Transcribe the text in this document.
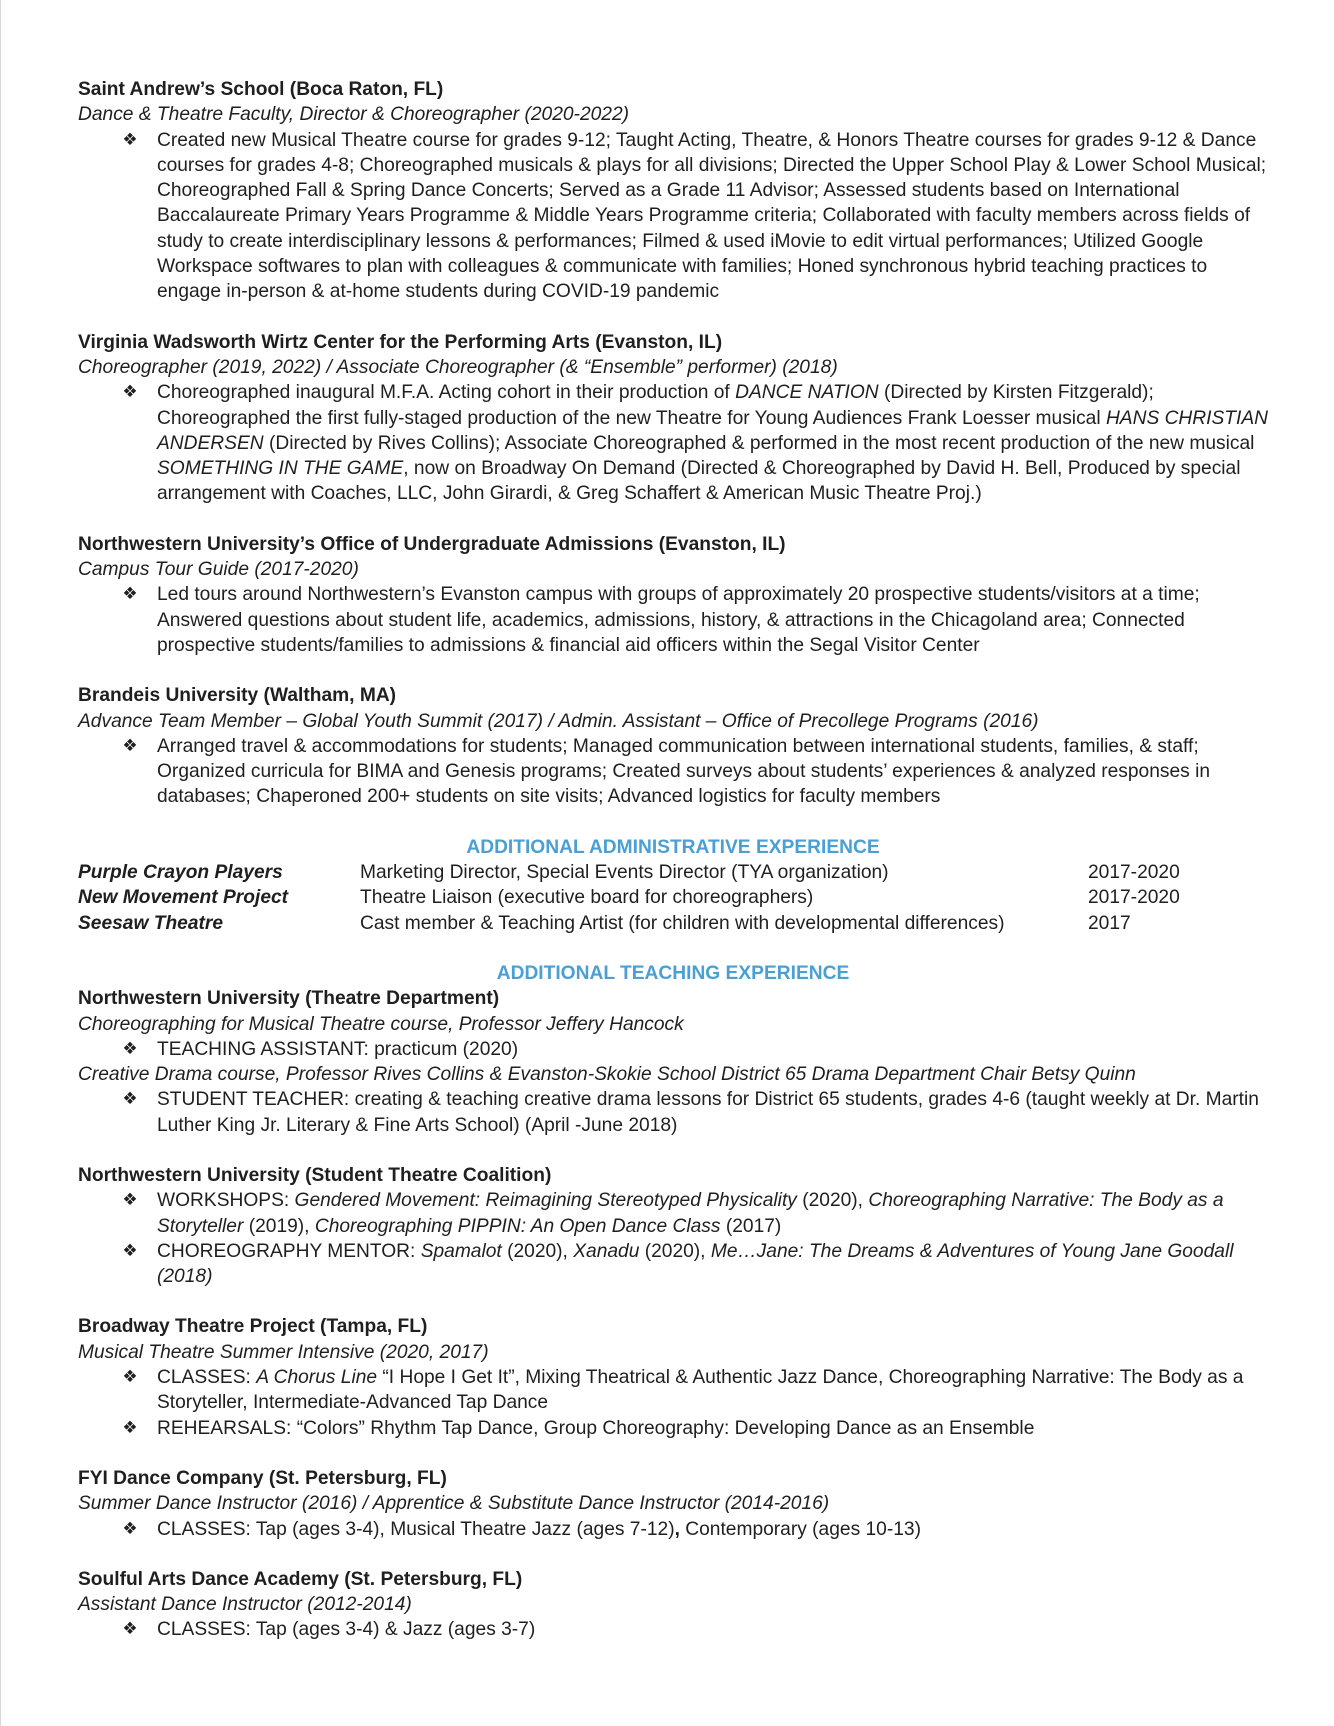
Saint Andrew’s School (Boca Raton, FL)
Dance & Theatre Faculty, Director & Choreographer (2020-2022)
❖ Created new Musical Theatre course for grades 9-12; Taught Acting, Theatre, & Honors Theatre courses for grades 9-12 & Dance courses for grades 4-8; Choreographed musicals & plays for all divisions; Directed the Upper School Play & Lower School Musical; Choreographed Fall & Spring Dance Concerts; Served as a Grade 11 Advisor; Assessed students based on International Baccalaureate Primary Years Programme & Middle Years Programme criteria; Collaborated with faculty members across fields of study to create interdisciplinary lessons & performances; Filmed & used iMovie to edit virtual performances; Utilized Google Workspace softwares to plan with colleagues & communicate with families; Honed synchronous hybrid teaching practices to engage in-person & at-home students during COVID-19 pandemic
Virginia Wadsworth Wirtz Center for the Performing Arts (Evanston, IL)
Choreographer (2019, 2022) / Associate Choreographer (& “Ensemble” performer) (2018)
❖ Choreographed inaugural M.F.A. Acting cohort in their production of DANCE NATION (Directed by Kirsten Fitzgerald); Choreographed the first fully-staged production of the new Theatre for Young Audiences Frank Loesser musical HANS CHRISTIAN ANDERSEN (Directed by Rives Collins); Associate Choreographed & performed in the most recent production of the new musical SOMETHING IN THE GAME, now on Broadway On Demand (Directed & Choreographed by David H. Bell, Produced by special arrangement with Coaches, LLC, John Girardi, & Greg Schaffert & American Music Theatre Proj.)
Northwestern University’s Office of Undergraduate Admissions (Evanston, IL)
Campus Tour Guide (2017-2020)
❖ Led tours around Northwestern’s Evanston campus with groups of approximately 20 prospective students/visitors at a time; Answered questions about student life, academics, admissions, history, & attractions in the Chicagoland area; Connected prospective students/families to admissions & financial aid officers within the Segal Visitor Center
Brandeis University (Waltham, MA)
Advance Team Member – Global Youth Summit (2017) / Admin. Assistant – Office of Precollege Programs (2016)
❖ Arranged travel & accommodations for students; Managed communication between international students, families, & staff; Organized curricula for BIMA and Genesis programs; Created surveys about students’ experiences & analyzed responses in databases; Chaperoned 200+ students on site visits; Advanced logistics for faculty members
ADDITIONAL ADMINISTRATIVE EXPERIENCE
Purple Crayon Players	Marketing Director, Special Events Director (TYA organization)	2017-2020
New Movement Project	Theatre Liaison (executive board for choreographers)	2017-2020
Seesaw Theatre	Cast member & Teaching Artist (for children with developmental differences)	2017
ADDITIONAL TEACHING EXPERIENCE
Northwestern University (Theatre Department)
Choreographing for Musical Theatre course, Professor Jeffery Hancock
❖ TEACHING ASSISTANT: practicum (2020)
Creative Drama course, Professor Rives Collins & Evanston-Skokie School District 65 Drama Department Chair Betsy Quinn
❖ STUDENT TEACHER: creating & teaching creative drama lessons for District 65 students, grades 4-6 (taught weekly at Dr. Martin Luther King Jr. Literary & Fine Arts School) (April -June 2018)
Northwestern University (Student Theatre Coalition)
❖ WORKSHOPS: Gendered Movement: Reimagining Stereotyped Physicality (2020), Choreographing Narrative: The Body as a Storyteller (2019), Choreographing PIPPIN: An Open Dance Class (2017)
❖ CHOREOGRAPHY MENTOR: Spamalot (2020), Xanadu (2020), Me…Jane: The Dreams & Adventures of Young Jane Goodall (2018)
Broadway Theatre Project (Tampa, FL)
Musical Theatre Summer Intensive (2020, 2017)
❖ CLASSES: A Chorus Line “I Hope I Get It”, Mixing Theatrical & Authentic Jazz Dance, Choreographing Narrative: The Body as a Storyteller, Intermediate-Advanced Tap Dance
❖ REHEARSALS: “Colors” Rhythm Tap Dance, Group Choreography: Developing Dance as an Ensemble
FYI Dance Company (St. Petersburg, FL)
Summer Dance Instructor (2016) / Apprentice & Substitute Dance Instructor (2014-2016)
❖ CLASSES: Tap (ages 3-4), Musical Theatre Jazz (ages 7-12), Contemporary (ages 10-13)
Soulful Arts Dance Academy (St. Petersburg, FL)
Assistant Dance Instructor (2012-2014)
❖ CLASSES: Tap (ages 3-4) & Jazz (ages 3-7)
